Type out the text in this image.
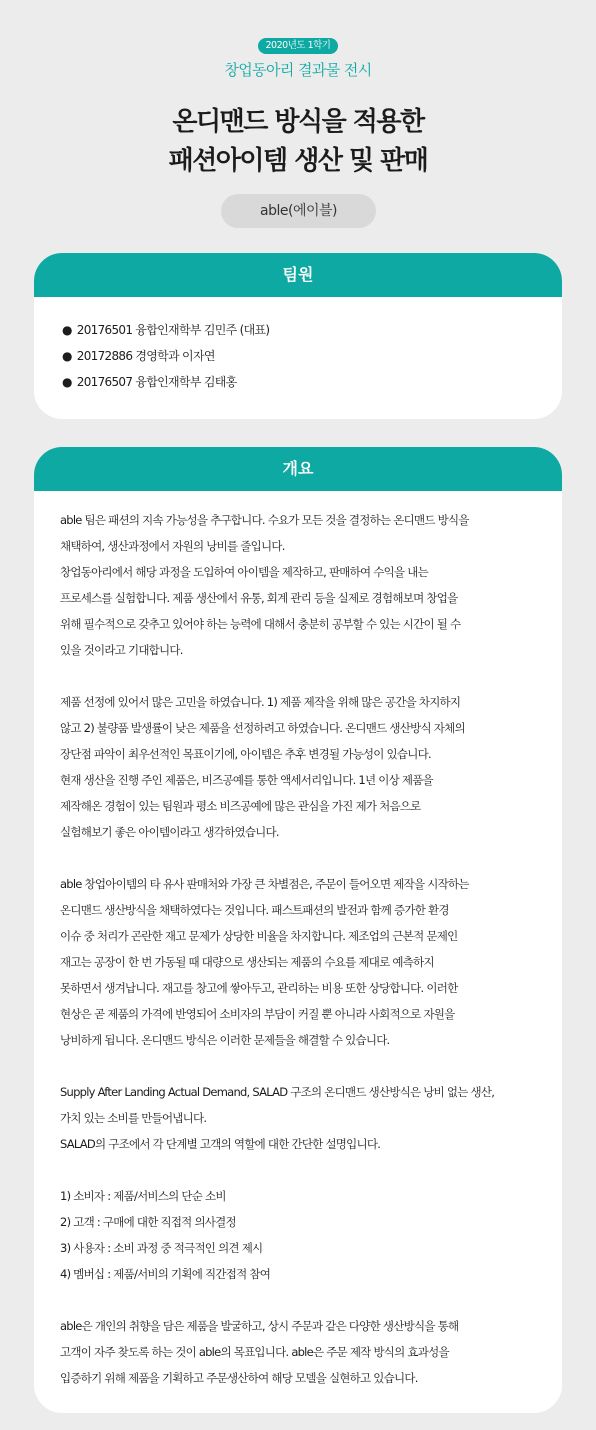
2020년도 1학기
창업동아리 결과물 전시
온디맨드 방식을 적용한
패션아이템 생산 및 판매
able(에이블)
팀원
● 20176501 융합인재학부 김민주 (대표)
● 20172886 경영학과 이자연
● 20176507 융합인재학부 김태홍
개요
able 팀은 패션의 지속 가능성을 추구합니다. 수요가 모든 것을 결정하는 온디맨드 방식을
채택하여, 생산과정에서 자원의 낭비를 줄입니다.
창업동아리에서 해당 과정을 도입하여 아이템을 제작하고, 판매하여 수익을 내는
프로세스를 실험합니다. 제품 생산에서 유통, 회계 관리 등을 실제로 경험해보며 창업을
위해 필수적으로 갖추고 있어야 하는 능력에 대해서 충분히 공부할 수 있는 시간이 될 수
있을 것이라고 기대합니다.
제품 선정에 있어서 많은 고민을 하였습니다. 1) 제품 제작을 위해 많은 공간을 차지하지
않고 2) 불량품 발생률이 낮은 제품을 선정하려고 하였습니다. 온디맨드 생산방식 자체의
장단점 파악이 최우선적인 목표이기에, 아이템은 추후 변경될 가능성이 있습니다.
현재 생산을 진행 주인 제품은, 비즈공예를 통한 액세서리입니다. 1년 이상 제품을
제작해온 경험이 있는 팀원과 평소 비즈공예에 많은 관심을 가진 제가 처음으로
실험해보기 좋은 아이템이라고 생각하였습니다.
able 창업아이템의 타 유사 판매처와 가장 큰 차별점은, 주문이 들어오면 제작을 시작하는
온디맨드 생산방식을 채택하였다는 것입니다. 패스트패션의 발전과 함께 증가한 환경
이슈 중 처리가 곤란한 재고 문제가 상당한 비율을 차지합니다. 제조업의 근본적 문제인
재고는 공장이 한 번 가동될 때 대량으로 생산되는 제품의 수요를 제대로 예측하지
못하면서 생겨납니다. 재고를 창고에 쌓아두고, 관리하는 비용 또한 상당합니다. 이러한
현상은 곧 제품의 가격에 반영되어 소비자의 부담이 커질 뿐 아니라 사회적으로 자원을
낭비하게 됩니다. 온디맨드 방식은 이러한 문제들을 해결할 수 있습니다.
Supply After Landing Actual Demand, SALAD 구조의 온디맨드 생산방식은 낭비 없는 생산,
가치 있는 소비를 만들어냅니다.
SALAD의 구조에서 각 단계별 고객의 역할에 대한 간단한 설명입니다.
1) 소비자 : 제품/서비스의 단순 소비
2) 고객 : 구매에 대한 직접적 의사결정
3) 사용자 : 소비 과정 중 적극적인 의견 제시
4) 멤버십 : 제품/서비의 기획에 직간접적 참여
able은 개인의 취향을 담은 제품을 발굴하고, 상시 주문과 같은 다양한 생산방식을 통해
고객이 자주 찾도록 하는 것이 able의 목표입니다. able은 주문 제작 방식의 효과성을
입증하기 위해 제품을 기획하고 주문생산하여 해당 모델을 실현하고 있습니다.
